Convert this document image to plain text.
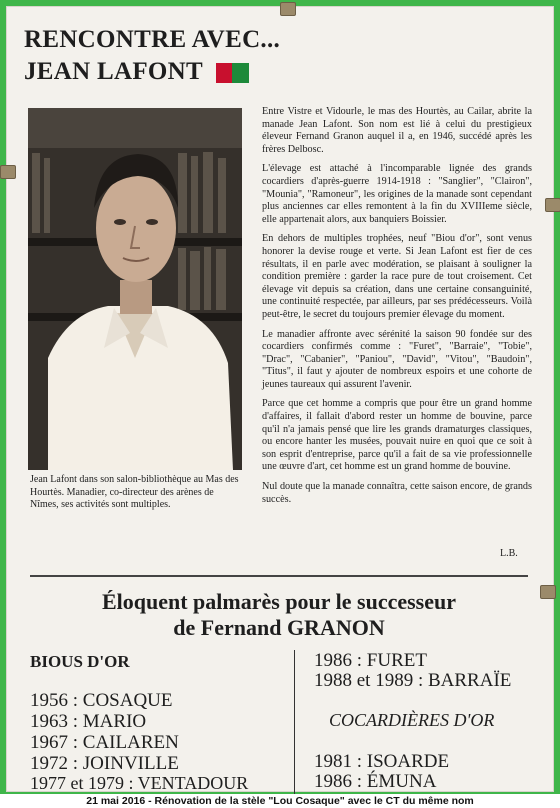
RENCONTRE AVEC...
JEAN LAFONT
Jean Lafont dans son salon-bibliothèque au Mas des Hourtès. Manadier, co-directeur des arènes de Nîmes, ses activités sont multiples.

Entre Vistre et Vidourle, le mas des Hourtès, au Cailar, abrite la manade Jean Lafont. Son nom est lié à celui du prestigieux éleveur Fernand Granon auquel il a, en 1946, succédé après les frères Delbosc.

L'élevage est attaché à l'incomparable lignée des grands cocardiers d'après-guerre 1914-1918 : "Sanglier", "Clairon", "Mounia", "Ramoneur", les origines de la manade sont cependant plus anciennes car elles remontent à la fin du XVIIIeme siècle, elle appartenait alors, aux banquiers Boissier.

En dehors de multiples trophées, neuf "Biou d'or", sont venus honorer la devise rouge et verte. Si Jean Lafont est fier de ces résultats, il en parle avec modération, se plaisant à souligner la condition première : garder la race pure de tout croisement. Cet élevage vit depuis sa création, dans une certaine consanguinité, une continuité respectée, par ailleurs, par ses prédécesseurs. Voilà peut-être, le secret du toujours premier élevage du moment.

Le manadier affronte avec sérénité la saison 90 fondée sur des cocardiers confirmés comme : "Furet", "Barraie", "Tobie", "Drac", "Cabanier", "Paniou", "David", "Vitou", "Baudoin", "Titus", il faut y ajouter de nombreux espoirs et une cohorte de jeunes taureaux qui assurent l'avenir.

Parce que cet homme a compris que pour être un grand homme d'affaires, il fallait d'abord rester un homme de bouvine, parce qu'il n'a jamais pensé que lire les grands dramaturges classiques, ou encore hanter les musées, pouvait nuire en quoi que ce soit à son esprit d'entreprise, parce qu'il a fait de sa vie professionnelle une œuvre d'art, cet homme est un grand homme de bouvine.

Nul doute que la manade connaîtra, cette saison encore, de grands succès.

L.B.
Éloquent palmarès pour le successeur
de Fernand GRANON
BIOUS D'OR
1956 : COSAQUE
1963 : MARIO
1967 : CAILAREN
1972 : JOINVILLE
1977 et 1979 : VENTADOUR
1986 : FURET
1988 et 1989 : BARRAÏE
COCARDIÈRES D'OR
1981 : ISOARDE
1986 : ÉMUNA
21 mai 2016 - Rénovation de la stèle "Lou Cosaque" avec le CT du même nom
